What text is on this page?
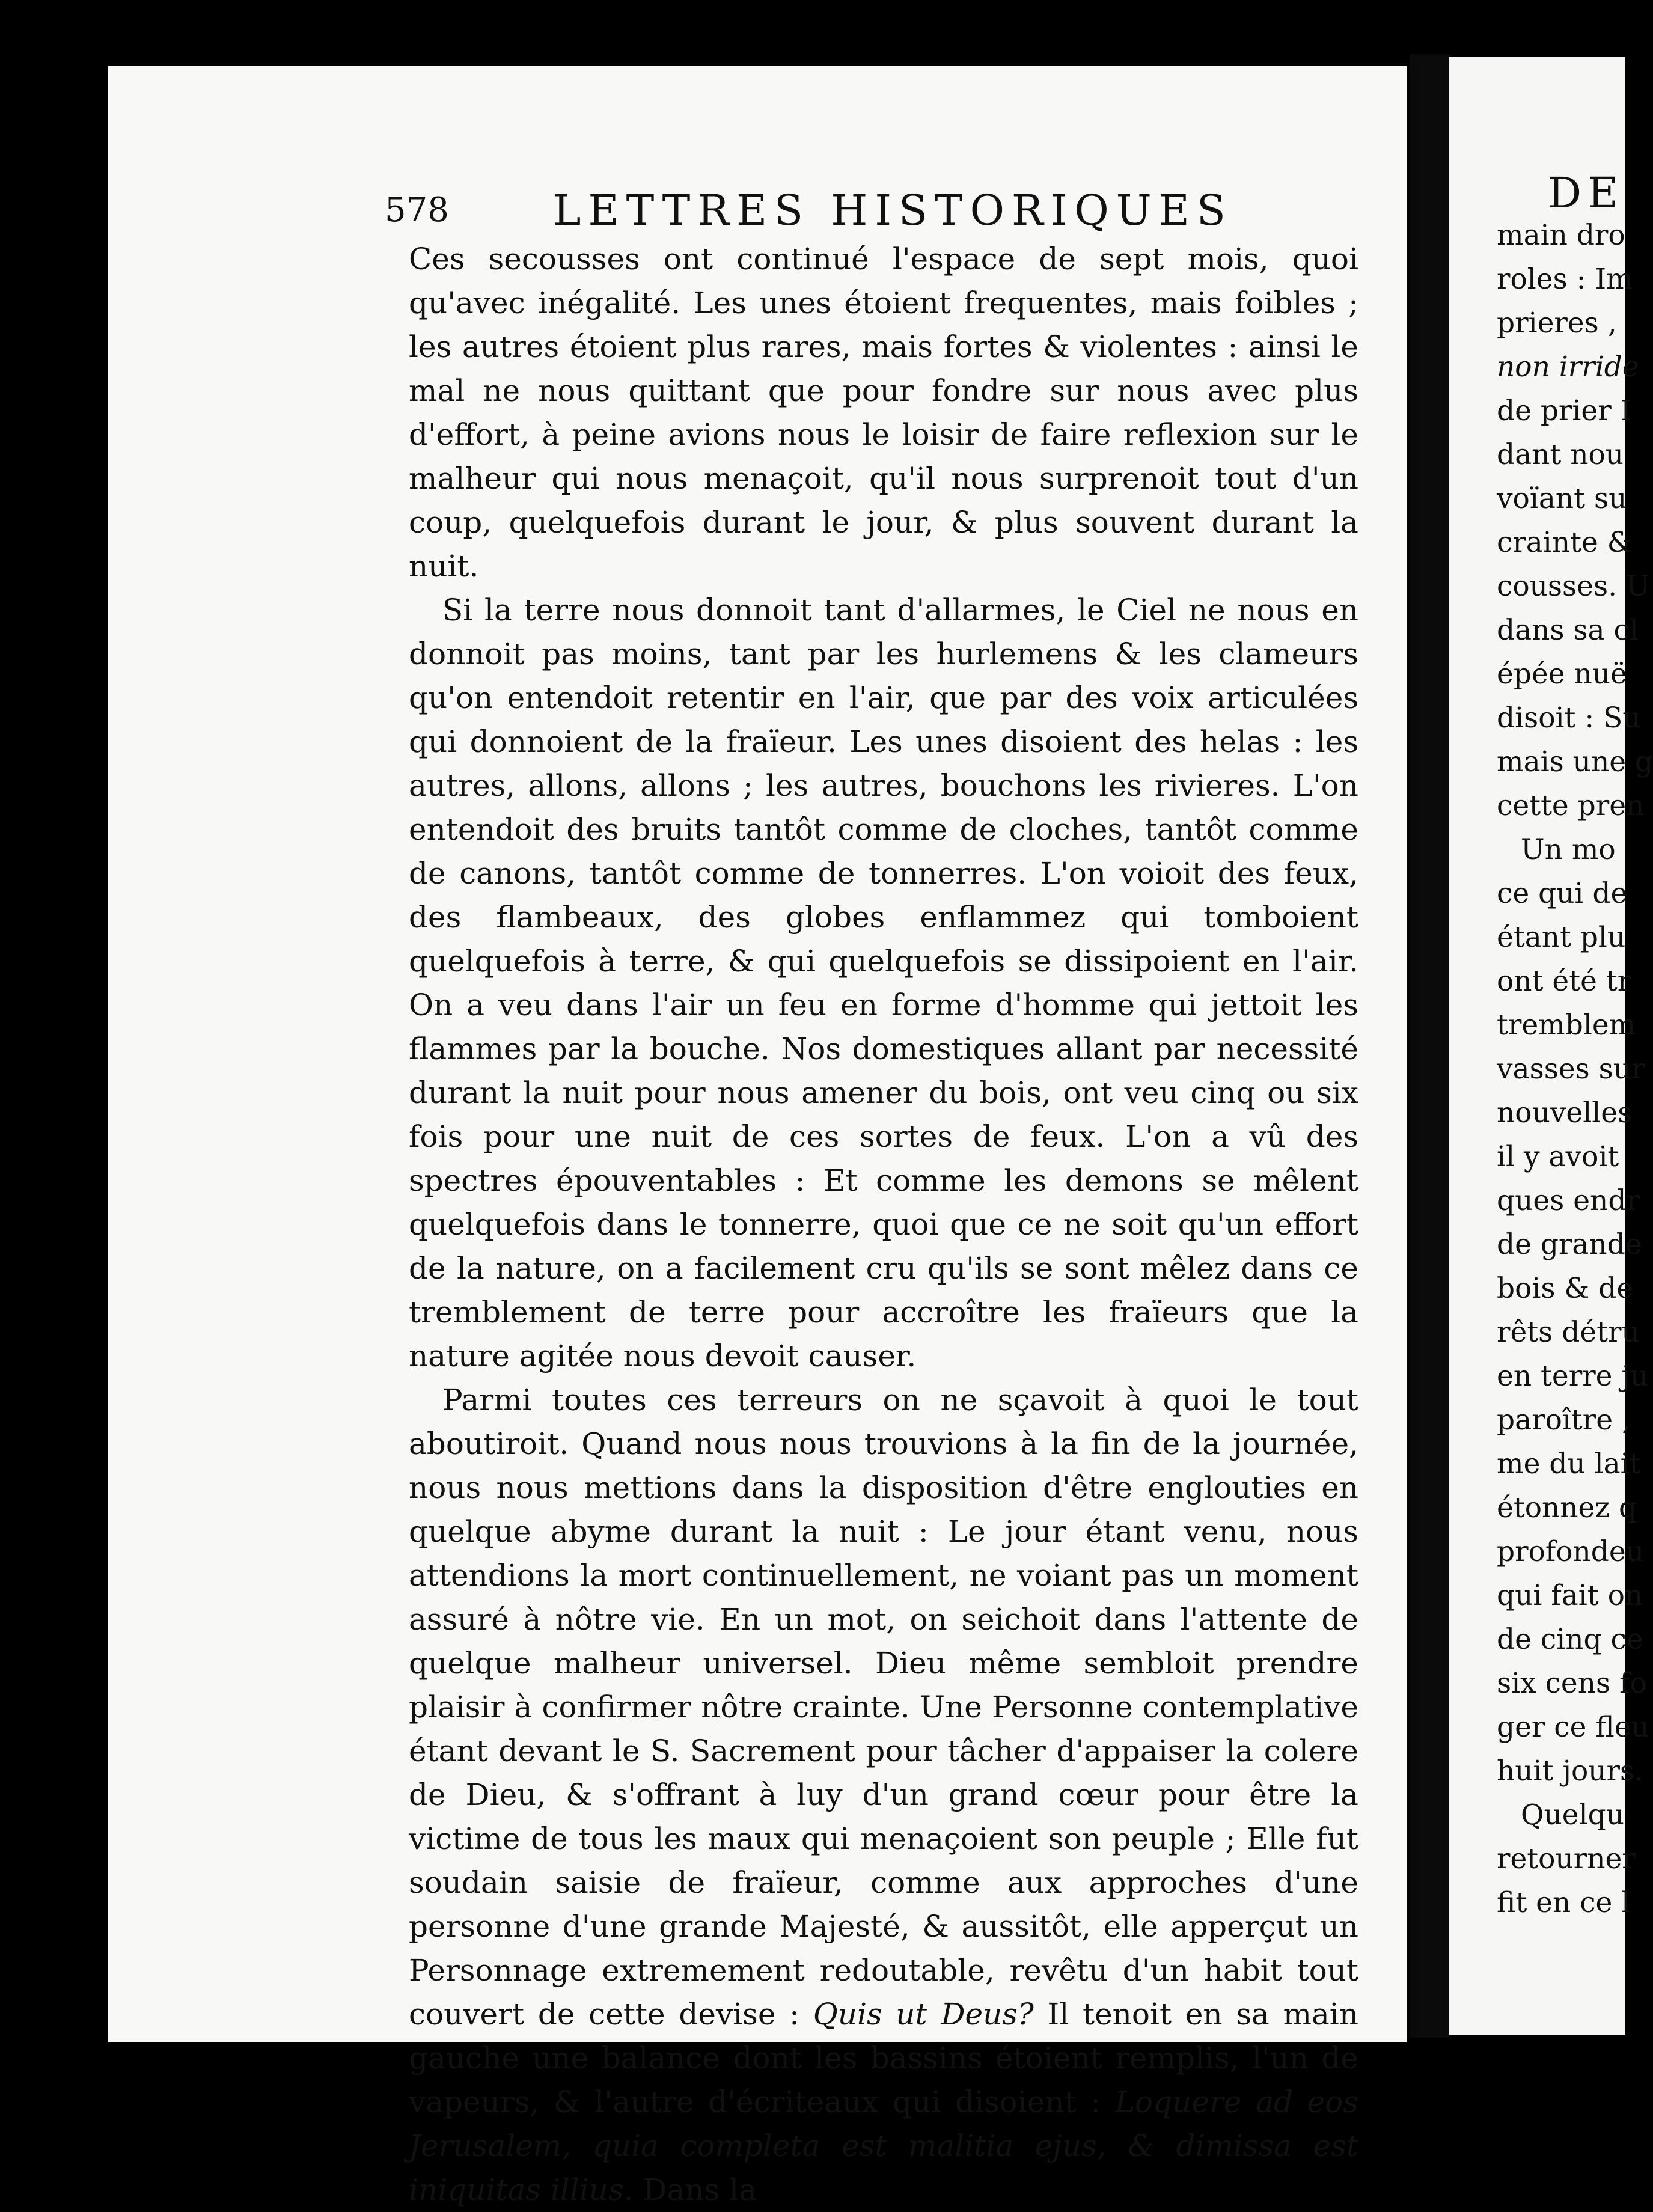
578 LETTRES HISTORIQUES

Ces secousses ont continué l'espace de sept mois, quoi qu'avec inégalité. Les unes étoient frequentes, mais foibles ; les autres étoient plus rares, mais fortes & violentes : ainsi le mal ne nous quittant que pour fondre sur nous avec plus d'effort, à peine avions nous le loisir de faire reflexion sur le malheur qui nous menaçoit, qu'il nous surprenoit tout d'un coup, quelquefois durant le jour, & plus souvent durant la nuit.

Si la terre nous donnoit tant d'allarmes, le Ciel ne nous en donnoit pas moins, tant par les hurlemens & les clameurs qu'on entendoit retentir en l'air, que par des voix articulées qui donnoient de la fraïeur. Les unes disoient des helas : les autres, allons, allons ; les autres, bouchons les rivieres. L'on entendoit des bruits tantôt comme de cloches, tantôt comme de canons, tantôt comme de tonnerres. L'on voioit des feux, des flambeaux, des globes enflammez qui tomboient quelquefois à terre, & qui quelquefois se dissipoient en l'air. On a veu dans l'air un feu en forme d'homme qui jettoit les flammes par la bouche. Nos domestiques allant par necessité durant la nuit pour nous amener du bois, ont veu cinq ou six fois pour une nuit de ces sortes de feux. L'on a vû des spectres épouventables : Et comme les demons se mêlent quelquefois dans le tonnerre, quoi que ce ne soit qu'un effort de la nature, on a facilement cru qu'ils se sont mêlez dans ce tremblement de terre pour accroître les fraïeurs que la nature agitée nous devoit causer.

Parmi toutes ces terreurs on ne sçavoit à quoi le tout aboutiroit. Quand nous nous trouvions à la fin de la journée, nous nous mettions dans la disposition d'être englouties en quelque abyme durant la nuit : Le jour étant venu, nous attendions la mort continuellement, ne voiant pas un moment assuré à nôtre vie. En un mot, on seichoit dans l'attente de quelque malheur universel. Dieu même sembloit prendre plaisir à confirmer nôtre crainte. Une Personne contemplative étant devant le S. Sacrement pour tâcher d'appaiser la colere de Dieu, & s'offrant à luy d'un grand cœur pour être la victime de tous les maux qui menaçoient son peuple ; Elle fut soudain saisie de fraïeur, comme aux approches d'une personne d'une grande Majesté, & aussitôt, elle apperçut un Personnage extremement redoutable, revêtu d'un habit tout couvert de cette devise : Quis ut Deus? Il tenoit en sa main gauche une balance dont les bassins étoient remplis, l'un de vapeurs, & l'autre d'écriteaux qui disoient : Loquere ad eos Jerusalem, quia completa est malitia ejus, & dimissa est iniquitas illius. Dans la

DE
main dro
roles : Im
prieres ,
non irride
de prier I
dant nou
voïant su
crainte &
cousses. U
dans sa cl
épée nuë
disoit : Su
mais une g
cette pren
Un mo
ce qui de
étant plu
ont été tr
tremblem
vasses sur
nouvelles
il y avoit
ques endr
de grande
bois & de
rêts détru
en terre ju
paroître ,
me du lait
étonnez q
profondeu
qui fait on
de cinq ce
six cens fo
ger ce fleu
huit jours.
Quelqu
retourner
fit en ce l
